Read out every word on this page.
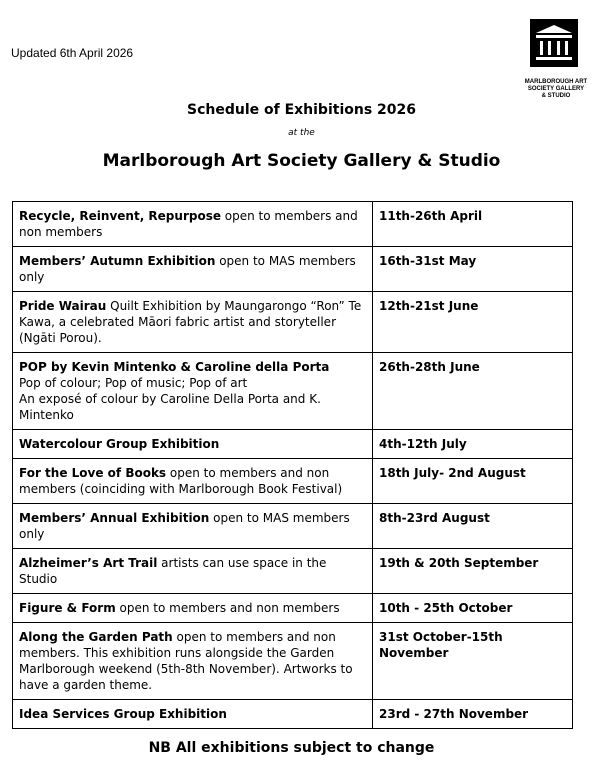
Updated 6th April 2026
MARLBOROUGH ART
SOCIETY GALLERY
& STUDIO
Schedule of Exhibitions 2026
at the
Marlborough Art Society Gallery & Studio
Recycle, Reinvent, Repurpose open to members and non members	11th-26th April
Members’ Autumn Exhibition open to MAS members only	16th-31st May
Pride Wairau Quilt Exhibition by Maungarongo “Ron” Te Kawa, a celebrated Māori fabric artist and storyteller (Ngāti Porou).	12th-21st June

POP by Kevin Mintenko & Caroline della Porta
Pop of colour; Pop of music; Pop of art
An exposé of colour by Caroline Della Porta and K. Mintenko	26th-28th June
Watercolour Group Exhibition	4th-12th July
For the Love of Books open to members and non members (coinciding with Marlborough Book Festival)	18th July- 2nd August
Members’ Annual Exhibition open to MAS members only	8th-23rd August
Alzheimer’s Art Trail artists can use space in the Studio	19th & 20th September
Figure & Form open to members and non members	10th - 25th October
Along the Garden Path open to members and non members. This exhibition runs alongside the Garden Marlborough weekend (5th-8th November). Artworks to have a garden theme.	31st October-15th November
Idea Services Group Exhibition	23rd - 27th November
NB All exhibitions subject to change
